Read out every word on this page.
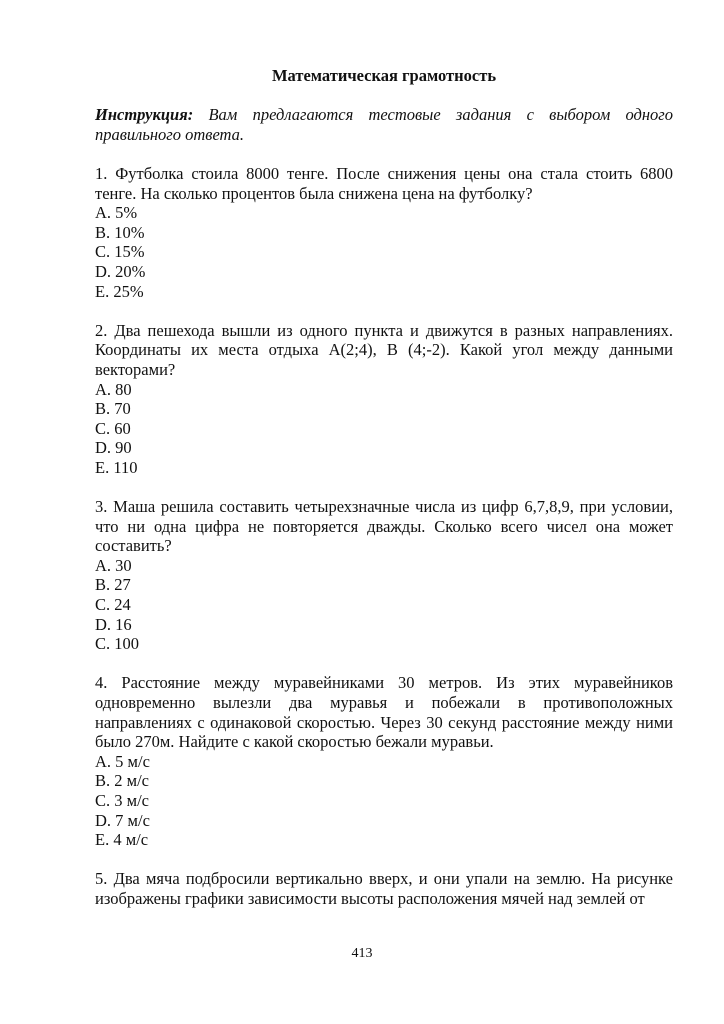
Математическая грамотность

Инструкция: Вам предлагаются тестовые задания с выбором одного правильного ответа.

1. Футболка стоила 8000 тенге. После снижения цены она стала стоить 6800 тенге. На сколько процентов была снижена цена на футболку?

A. 5%

B. 10%

C. 15%

D. 20%

E. 25%

2. Два пешехода вышли из одного пункта и движутся в разных направлениях. Координаты их места отдыха A(2;4), B (4;-2). Какой угол между данными векторами?

A. 80

B. 70

C. 60

D. 90

E. 110

3. Маша решила составить четырехзначные числа из цифр 6,7,8,9, при условии, что ни одна цифра не повторяется дважды. Сколько всего чисел она может составить?

A. 30

B. 27

C. 24

D. 16

C. 100

4. Расстояние между муравейниками 30 метров. Из этих муравейников одновременно вылезли два муравья и побежали в противоположных направлениях с одинаковой скоростью. Через 30 секунд расстояние между ними было 270м. Найдите с какой скоростью бежали муравьи.

A. 5 м/с

B. 2 м/с

C. 3 м/с

D. 7 м/с

E. 4 м/с

5. Два мяча подбросили вертикально вверх, и они упали на землю. На рисунке изображены графики зависимости высоты расположения мячей над землей от

413
